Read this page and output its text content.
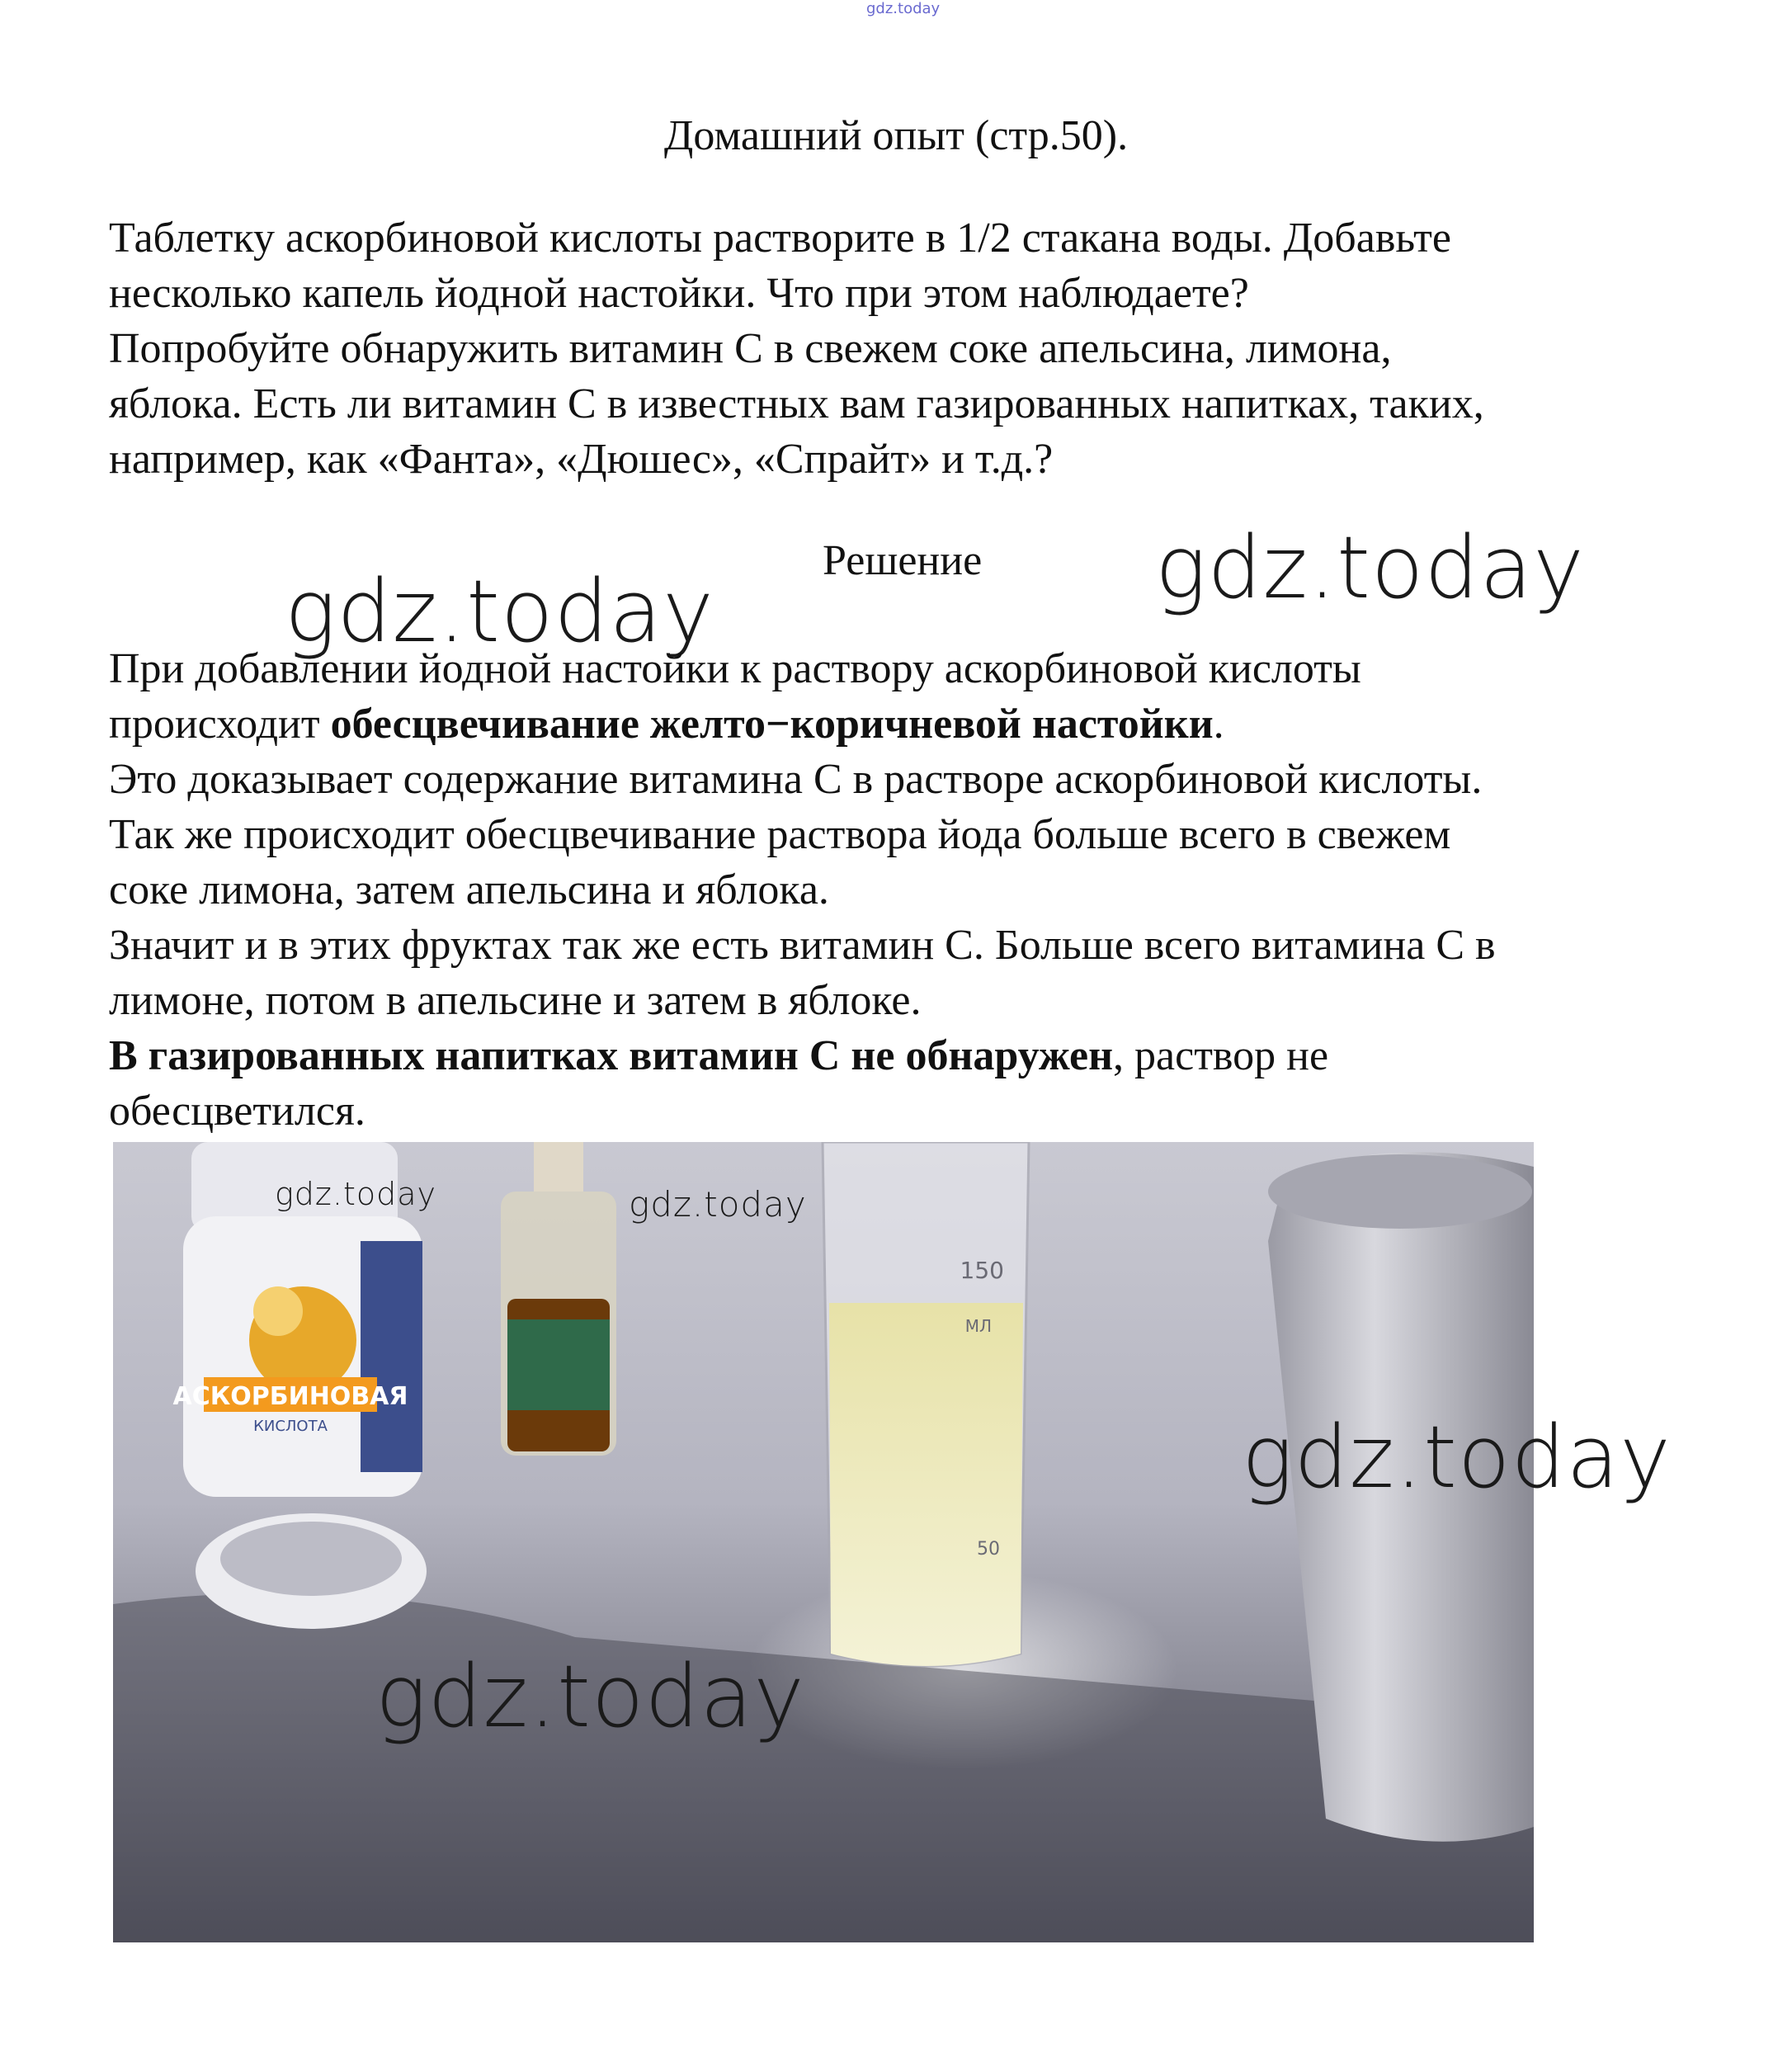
gdz.today
Домашний опыт (стр.50).
Таблетку аскорбиновой кислоты растворите в 1/2 стакана воды. Добавьте
несколько капель йодной настойки. Что при этом наблюдаете?
Попробуйте обнаружить витамин С в свежем соке апельсина, лимона,
яблока. Есть ли витамин С в известных вам газированных напитках, таких,
например, как «Фанта», «Дюшес», «Спрайт» и т.д.?
Решение
gdz.today	gdz.today
При добавлении йодной настойки к раствору аскорбиновой кислоты
происходит обесцвечивание желто−коричневой настойки.
Это доказывает содержание витамина С в растворе аскорбиновой кислоты.
Так же происходит обесцвечивание раствора йода больше всего в свежем
соке лимона, затем апельсина и яблока.
Значит и в этих фруктах так же есть витамин С. Больше всего витамина С в
лимоне, потом в апельсине и затем в яблоке.
В газированных напитках витамин С не обнаружен, раствор не
обесцветился.
АСКОРБИНОВАЯ
КИСЛОТА
150
МЛ
50
gdz.today	gdz.today
gdz.today
gdz.today
